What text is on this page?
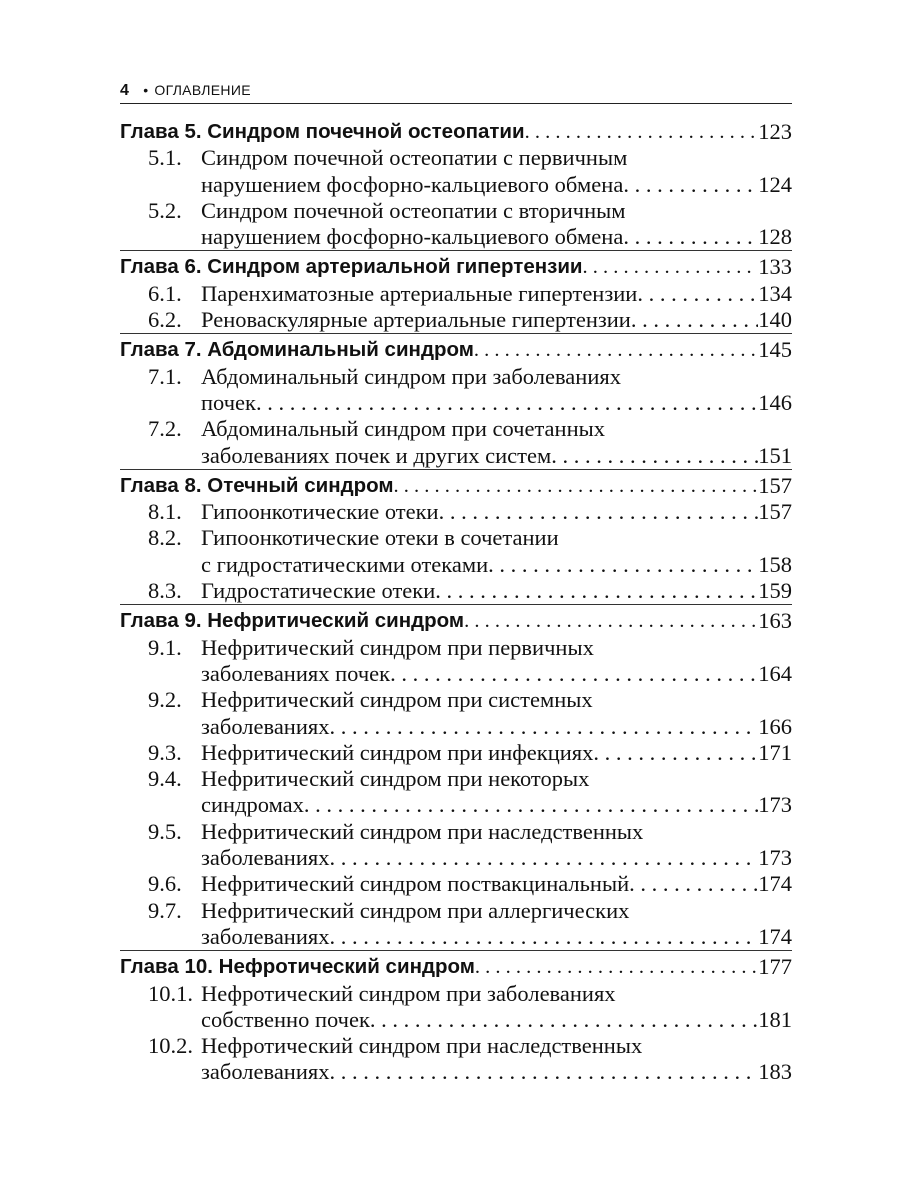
4 • ОГЛАВЛЕНИЕ
Глава 5. Синдром почечной остеопатии . . .	123
5.1. Синдром почечной остеопатии с первичным
нарушением фосфорно-кальциевого обмена . . .	124
5.2. Синдром почечной остеопатии с вторичным
нарушением фосфорно-кальциевого обмена . . .	128
Глава 6. Синдром артериальной гипертензии . . .	133
6.1. Паренхиматозные артериальные гипертензии . . .	134
6.2. Реноваскулярные артериальные гипертензии . . .	140
Глава 7. Абдоминальный синдром . . .	145
7.1. Абдоминальный синдром при заболеваниях
почек . . .	146
7.2. Абдоминальный синдром при сочетанных
заболеваниях почек и других систем . . .	151
Глава 8. Отечный синдром . . .	157
8.1. Гипоонкотические отеки . . .	157
8.2. Гипоонкотические отеки в сочетании
с гидростатическими отеками . . .	158
8.3. Гидростатические отеки . . .	159
Глава 9. Нефритический синдром . . .	163
9.1. Нефритический синдром при первичных
заболеваниях почек . . .	164
9.2. Нефритический синдром при системных
заболеваниях . . .	166
9.3. Нефритический синдром при инфекциях . . .	171
9.4. Нефритический синдром при некоторых
синдромах . . .	173
9.5. Нефритический синдром при наследственных
заболеваниях . . .	173
9.6. Нефритический синдром поствакцинальный . . .	174
9.7. Нефритический синдром при аллергических
заболеваниях . . .	174
Глава 10. Нефротический синдром . . .	177
10.1. Нефротический синдром при заболеваниях
собственно почек . . .	181
10.2. Нефротический синдром при наследственных
заболеваниях . . .	183
